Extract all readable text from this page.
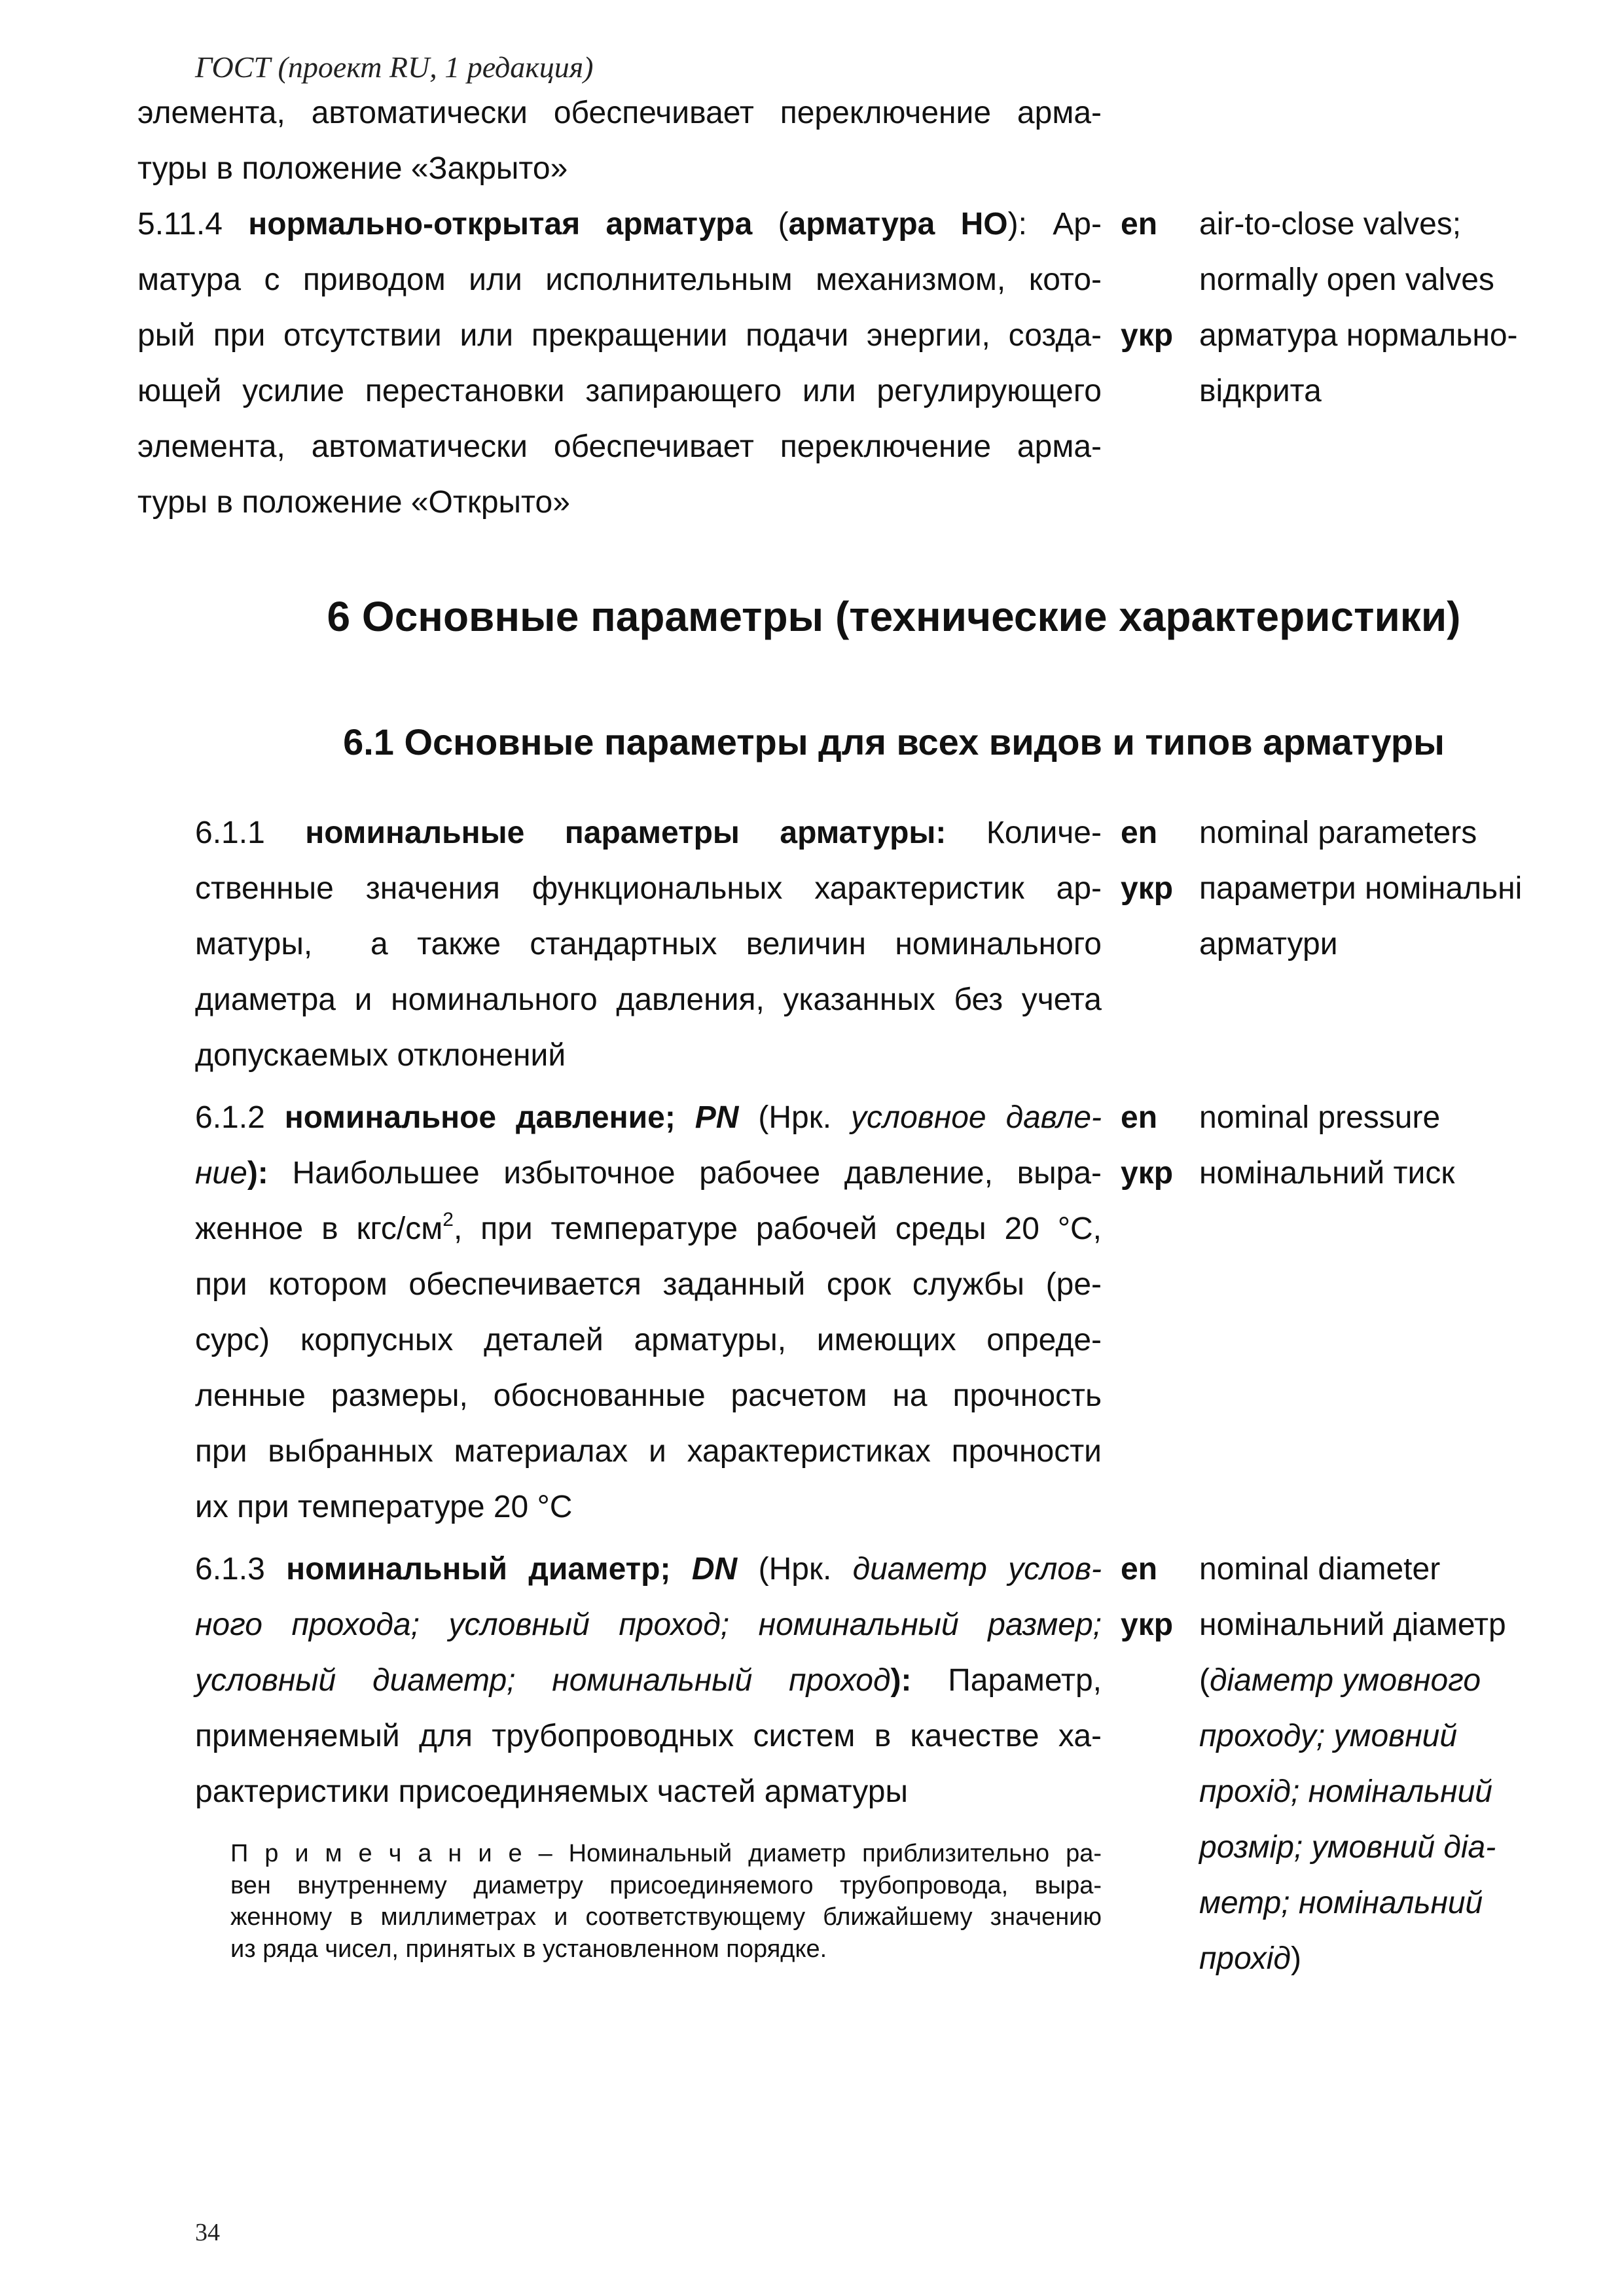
ГОСТ (проект RU, 1 редакция)
элемента, автоматически обеспечивает переключение арма-
туры в положение «Закрыто»
5.11.4 нормально-открытая арматура (арматура НО): Ар-
матура с приводом или исполнительным механизмом, кото-
рый при отсутствии или прекращении подачи энергии, созда-
ющей усилие перестановки запирающего или регулирующего
элемента, автоматически обеспечивает переключение арма-
туры в положение «Открыто»
en air-to-close valves;
normally open valves
укр арматура нормально-
відкрита
6 Основные параметры (технические характеристики)
6.1 Основные параметры для всех видов и типов арматуры
6.1.1 номинальные параметры арматуры: Количе-
ственные значения функциональных характеристик ар-
матуры,  а также стандартных величин номинального
диаметра и номинального давления, указанных без учета
допускаемых отклонений
en nominal parameters
укр параметри номінальні
арматури
6.1.2 номинальное давление; PN (Нрк. условное давле-
ние): Наибольшее избыточное рабочее давление, выра-
женное в кгс/$см^2$, при температуре рабочей среды 20 °С,
при котором обеспечивается заданный срок службы (ре-
сурс) корпусных деталей арматуры, имеющих опреде-
ленные размеры, обоснованные расчетом на прочность
при выбранных материалах и характеристиках прочности
их при температуре 20 °С
en nominal pressure
укр номінальний тиск
6.1.3 номинальный диаметр; DN (Нрк. диаметр услов-
ного прохода; условный проход; номинальный размер;
условный диаметр; номинальный проход): Параметр,
применяемый для трубопроводных систем в качестве ха-
рактеристики присоединяемых частей арматуры
П р и м е ч а н и е – Номинальный диаметр приблизительно ра-
вен внутреннему диаметру присоединяемого трубопровода, выра-
женному в миллиметрах и соответствующему ближайшему значению
из ряда чисел, принятых в установленном порядке.
en nominal diameter
укр номінальний діаметр
(діаметр умовного
проходу; умовний
прохід; номінальний
розмір; умовний діа-
метр; номінальний
прохід)
34
